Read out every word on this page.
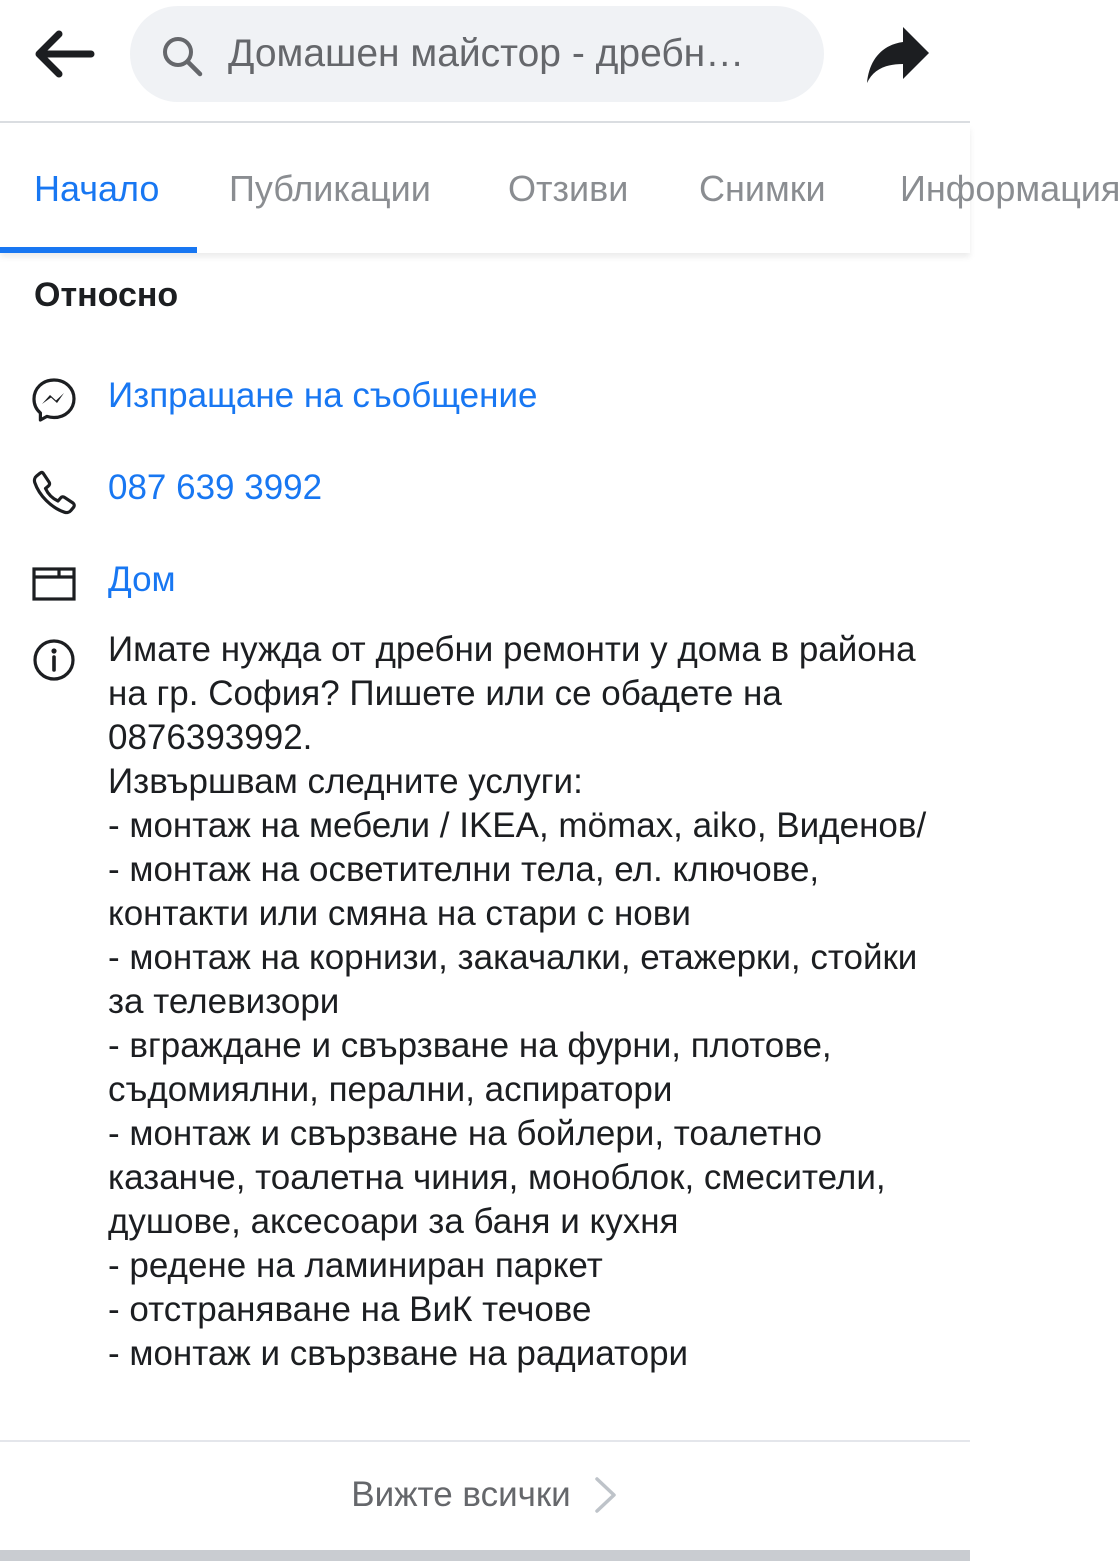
Домашен майстор - дребн…
Начало Публикации Отзиви Снимки Информация
Относно
Изпращане на съобщение
087 639 3992
Дом
Имате нужда от дребни ремонти у дома в района на гр. София? Пишете или се обадете на 0876393992.
Извършвам следните услуги:
- монтаж на мебели / IKEA, mömax, aiko, Виденов/
- монтаж на осветителни тела, ел. ключове, контакти или смяна на стари с нови
- монтаж на корнизи, закачалки, етажерки, стойки за телевизори
- вграждане и свързване на фурни, плотове, съдомиялни, перални, аспиратори
- монтаж и свързване на бойлери, тоалетно казанче, тоалетна чиния, моноблок, смесители, душове, аксесоари за баня и кухня
- редене на ламиниран паркет
- отстраняване на ВиК течове
- монтаж и свързване на радиатори
Вижте всички
